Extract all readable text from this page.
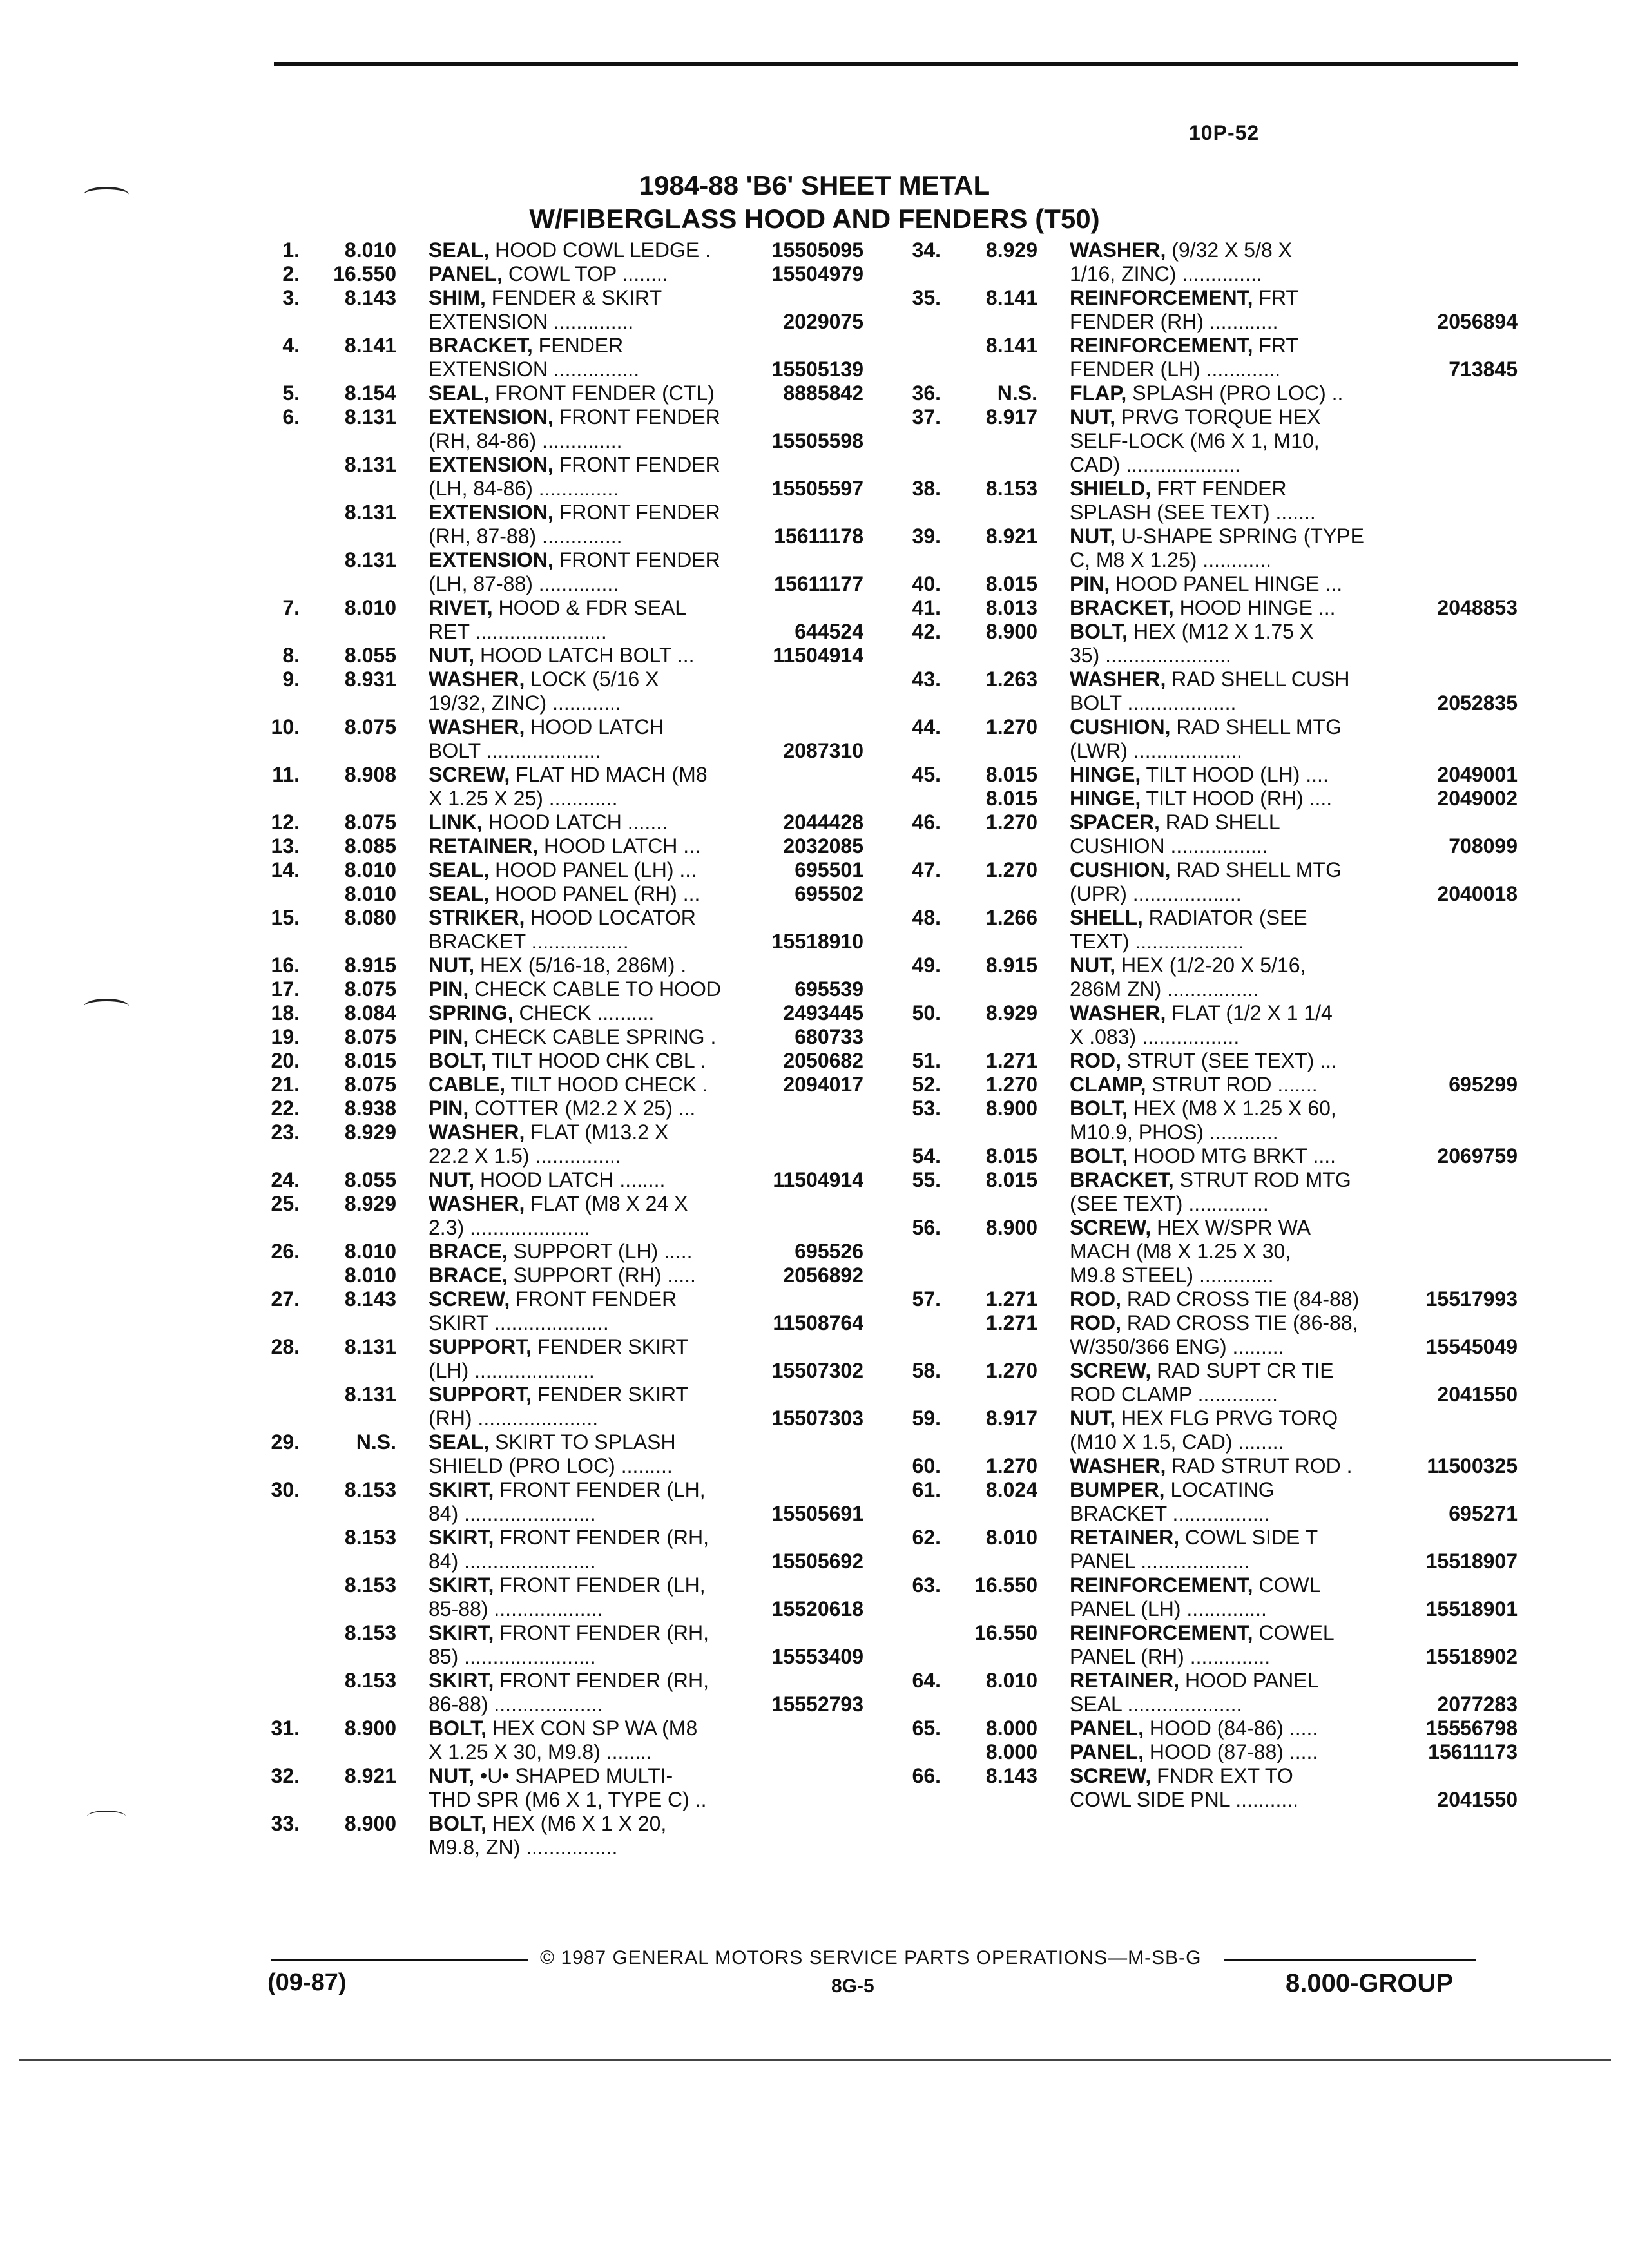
10P-52
1984-88 'B6' SHEET METAL
W/FIBERGLASS HOOD AND FENDERS (T50)
1.	8.010 SEAL, HOOD COWL LEDGE .	15505095
2.	16.550 PANEL, COWL TOP ........	15504979
3.	8.143 SHIM, FENDER & SKIRT
EXTENSION ..............	2029075
4.	8.141 BRACKET, FENDER
EXTENSION ...............	15505139
5.	8.154 SEAL, FRONT FENDER (CTL)	8885842
6.	8.131 EXTENSION, FRONT FENDER
(RH, 84-86) ..............	15505598
8.131 EXTENSION, FRONT FENDER
(LH, 84-86) ..............	15505597
8.131 EXTENSION, FRONT FENDER
(RH, 87-88) ..............	15611178
8.131 EXTENSION, FRONT FENDER
(LH, 87-88) ..............	15611177
7.	8.010 RIVET, HOOD & FDR SEAL
RET .......................	644524
8.	8.055 NUT, HOOD LATCH BOLT ...	11504914
9.	8.931 WASHER, LOCK (5/16 X
19/32, ZINC) ............
10.	8.075 WASHER, HOOD LATCH
BOLT ....................	2087310
11.	8.908 SCREW, FLAT HD MACH (M8
X 1.25 X 25) ............
12.	8.075 LINK, HOOD LATCH .......	2044428
13.	8.085 RETAINER, HOOD LATCH ...	2032085
14.	8.010 SEAL, HOOD PANEL (LH) ...	695501
8.010 SEAL, HOOD PANEL (RH) ...	695502
15.	8.080 STRIKER, HOOD LOCATOR
BRACKET .................	15518910
16.	8.915 NUT, HEX (5/16-18, 286M) .
17.	8.075 PIN, CHECK CABLE TO HOOD	695539
18.	8.084 SPRING, CHECK ..........	2493445
19.	8.075 PIN, CHECK CABLE SPRING .	680733
20.	8.015 BOLT, TILT HOOD CHK CBL .	2050682
21.	8.075 CABLE, TILT HOOD CHECK .	2094017
22.	8.938 PIN, COTTER (M2.2 X 25) ...
23.	8.929 WASHER, FLAT (M13.2 X
22.2 X 1.5) ...............
24.	8.055 NUT, HOOD LATCH ........	11504914
25.	8.929 WASHER, FLAT (M8 X 24 X
2.3) .....................
26.	8.010 BRACE, SUPPORT (LH) .....	695526
8.010 BRACE, SUPPORT (RH) .....	2056892
27.	8.143 SCREW, FRONT FENDER
SKIRT ....................	11508764
28.	8.131 SUPPORT, FENDER SKIRT
(LH) .....................	15507302
8.131 SUPPORT, FENDER SKIRT
(RH) .....................	15507303
29.	N.S. SEAL, SKIRT TO SPLASH
SHIELD (PRO LOC) .........
30.	8.153 SKIRT, FRONT FENDER (LH,
84) .......................	15505691
8.153 SKIRT, FRONT FENDER (RH,
84) .......................	15505692
8.153 SKIRT, FRONT FENDER (LH,
85-88) ...................	15520618
8.153 SKIRT, FRONT FENDER (RH,
85) .......................	15553409
8.153 SKIRT, FRONT FENDER (RH,
86-88) ...................	15552793
31.	8.900 BOLT, HEX CON SP WA (M8
X 1.25 X 30, M9.8) ........
32.	8.921 NUT, •U• SHAPED MULTI-
THD SPR (M6 X 1, TYPE C) ..
33.	8.900 BOLT, HEX (M6 X 1 X 20,
M9.8, ZN) ................
34.	8.929 WASHER, (9/32 X 5/8 X
1/16, ZINC) ..............
35.	8.141 REINFORCEMENT, FRT
FENDER (RH) ............	2056894
8.141 REINFORCEMENT, FRT
FENDER (LH) .............	713845
36.	N.S. FLAP, SPLASH (PRO LOC) ..
37.	8.917 NUT, PRVG TORQUE HEX
SELF-LOCK (M6 X 1, M10,
CAD) ....................
38.	8.153 SHIELD, FRT FENDER
SPLASH (SEE TEXT) .......
39.	8.921 NUT, U-SHAPE SPRING (TYPE
C, M8 X 1.25) ............
40.	8.015 PIN, HOOD PANEL HINGE ...
41.	8.013 BRACKET, HOOD HINGE ...	2048853
42.	8.900 BOLT, HEX (M12 X 1.75 X
35) ......................
43.	1.263 WASHER, RAD SHELL CUSH
BOLT ...................	2052835
44.	1.270 CUSHION, RAD SHELL MTG
(LWR) ...................
45.	8.015 HINGE, TILT HOOD (LH) ....	2049001
8.015 HINGE, TILT HOOD (RH) ....	2049002
46.	1.270 SPACER, RAD SHELL
CUSHION .................	708099
47.	1.270 CUSHION, RAD SHELL MTG
(UPR) ...................	2040018
48.	1.266 SHELL, RADIATOR (SEE
TEXT) ...................
49.	8.915 NUT, HEX (1/2-20 X 5/16,
286M ZN) ................
50.	8.929 WASHER, FLAT (1/2 X 1 1/4
X .083) .................
51.	1.271 ROD, STRUT (SEE TEXT) ...
52.	1.270 CLAMP, STRUT ROD .......	695299
53.	8.900 BOLT, HEX (M8 X 1.25 X 60,
M10.9, PHOS) ............
54.	8.015 BOLT, HOOD MTG BRKT ....	2069759
55.	8.015 BRACKET, STRUT ROD MTG
(SEE TEXT) ..............
56.	8.900 SCREW, HEX W/SPR WA
MACH (M8 X 1.25 X 30,
M9.8 STEEL) .............
57.	1.271 ROD, RAD CROSS TIE (84-88)	15517993
1.271 ROD, RAD CROSS TIE (86-88,
W/350/366 ENG) .........	15545049
58.	1.270 SCREW, RAD SUPT CR TIE
ROD CLAMP ..............	2041550
59.	8.917 NUT, HEX FLG PRVG TORQ
(M10 X 1.5, CAD) ........
60.	1.270 WASHER, RAD STRUT ROD .	11500325
61.	8.024 BUMPER, LOCATING
BRACKET .................	695271
62.	8.010 RETAINER, COWL SIDE T
PANEL ...................	15518907
63.	16.550 REINFORCEMENT, COWL
PANEL (LH) ..............	15518901
16.550 REINFORCEMENT, COWEL
PANEL (RH) ..............	15518902
64.	8.010 RETAINER, HOOD PANEL
SEAL ....................	2077283
65.	8.000 PANEL, HOOD (84-86) .....	15556798
8.000 PANEL, HOOD (87-88) .....	15611173
66.	8.143 SCREW, FNDR EXT TO
COWL SIDE PNL ...........	2041550
© 1987 GENERAL MOTORS SERVICE PARTS OPERATIONS—M-SB-G
(09-87)	8G-5	8.000-GROUP
